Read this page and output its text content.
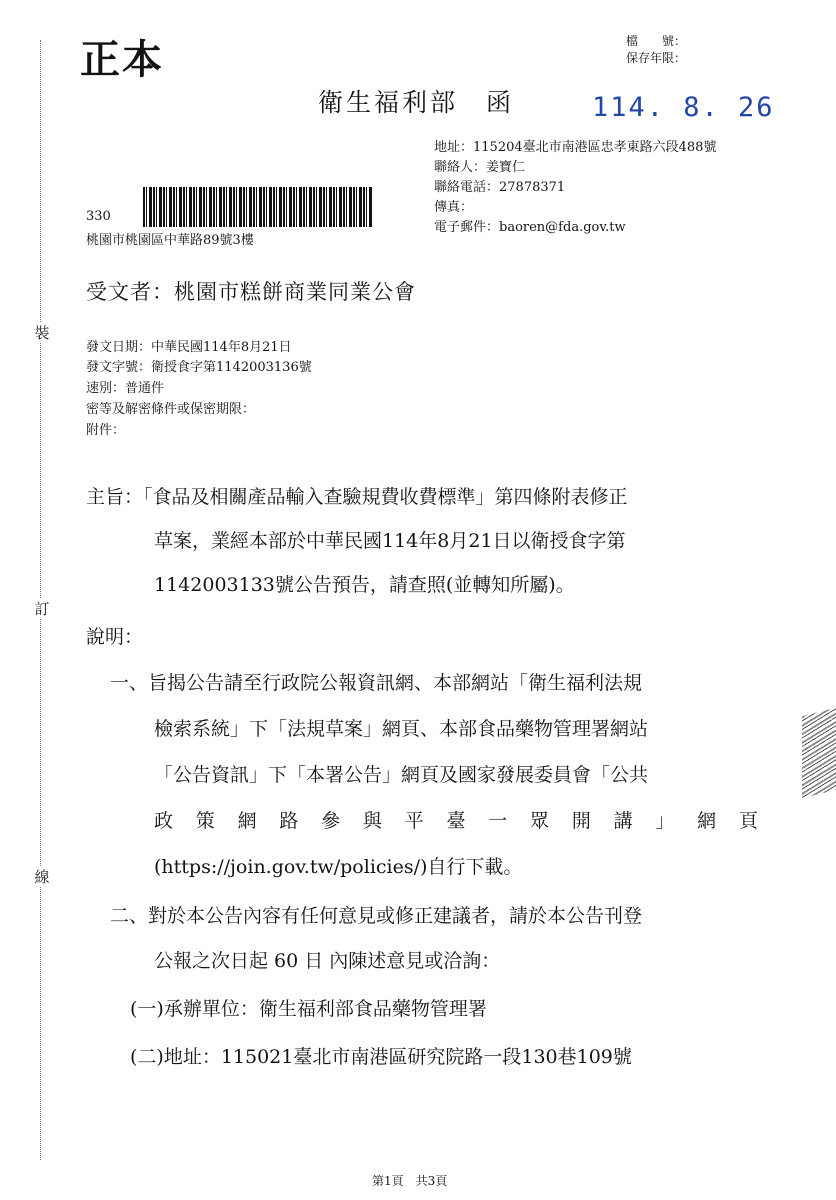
裝
訂
線
正本	檔　　號：
保存年限：
衛生福利部　函	114. 8. 26
地址：115204臺北市南港區忠孝東路六段488號
聯絡人：姜寶仁
聯絡電話：27878371
傳真：
電子郵件：baoren@fda.gov.tw
330
桃園市桃園區中華路89號3樓
受文者：桃園市糕餅商業同業公會
發文日期：中華民國114年8月21日
發文字號：衛授食字第1142003136號
速別：普通件
密等及解密條件或保密期限：
附件：
主旨：「食品及相關產品輸入查驗規費收費標準」第四條附表修正
草案，業經本部於中華民國114年8月21日以衛授食字第
1142003133號公告預告，請查照(並轉知所屬)。
說明：
一、旨揭公告請至行政院公報資訊網、本部網站「衛生福利法規
檢索系統」下「法規草案」網頁、本部食品藥物管理署網站
「公告資訊」下「本署公告」網頁及國家發展委員會「公共
政 策 網 路 參 與 平 臺 一 眾 開 講 」 網 頁
(https://join.gov.tw/policies/)自行下載。
二、對於本公告內容有任何意見或修正建議者，請於本公告刊登
公報之次日起 60 日 內陳述意見或洽詢：
(一)承辦單位：衛生福利部食品藥物管理署
(二)地址：115021臺北市南港區研究院路一段130巷109號
第1頁　共3頁
